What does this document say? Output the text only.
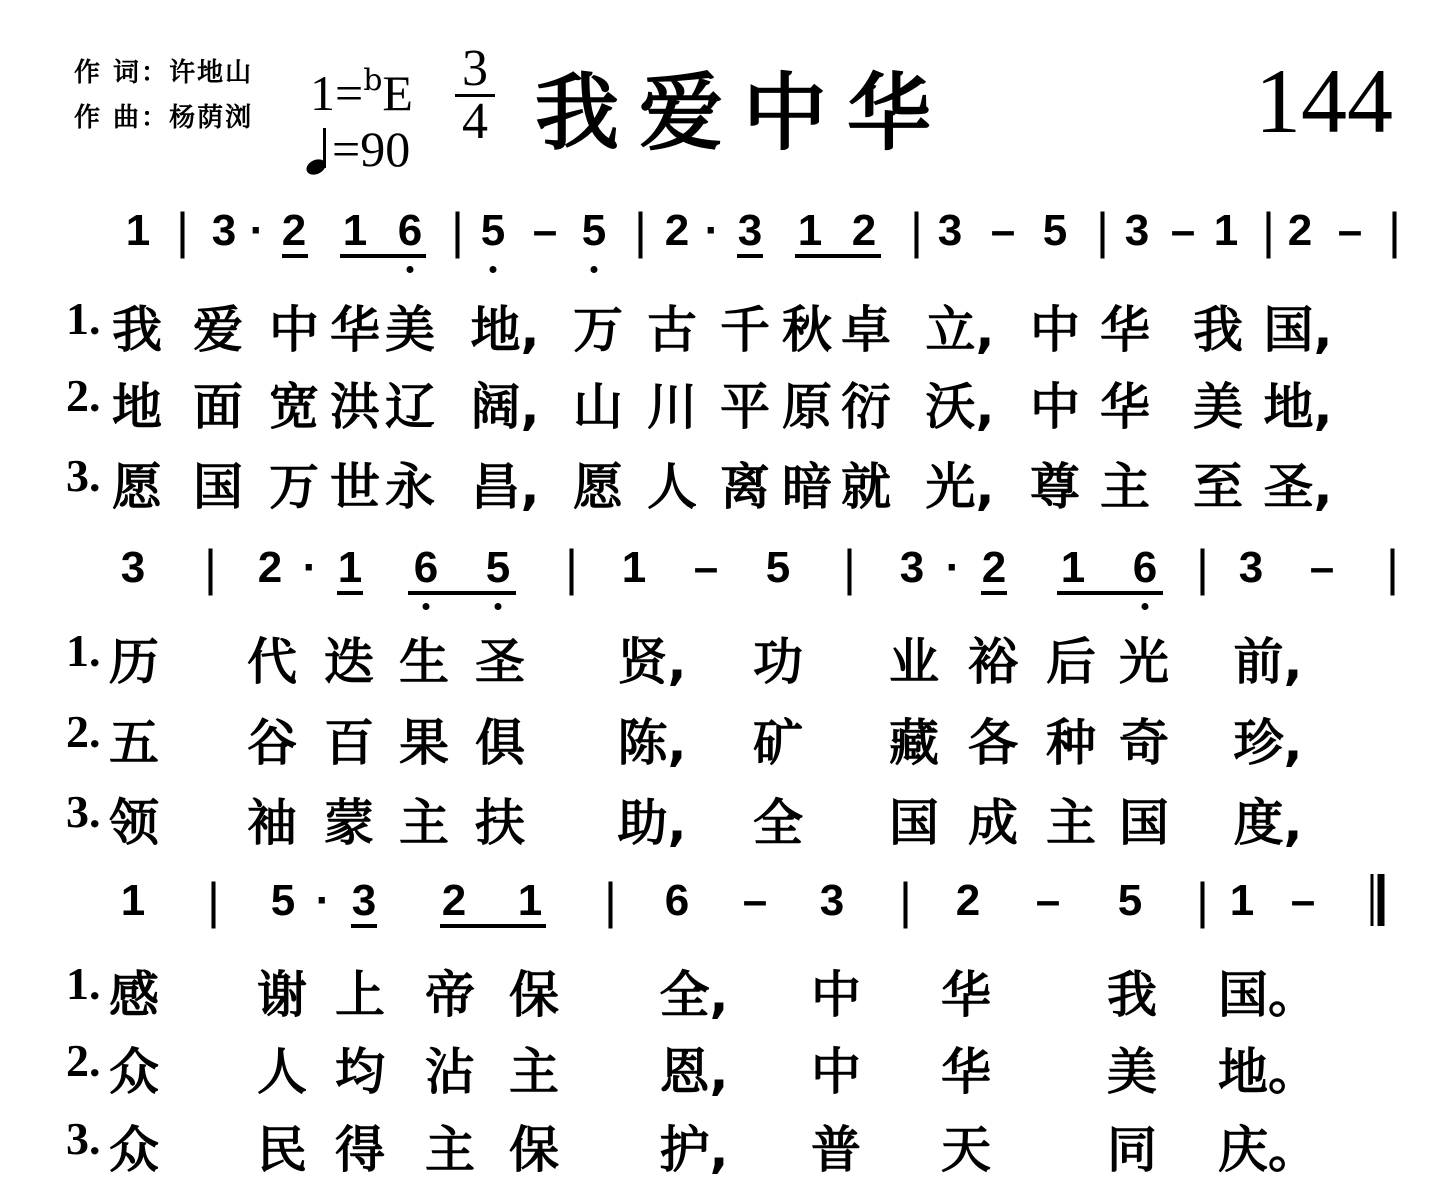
作 词：许地山
作 曲：杨荫浏 1=$^b$E 3
4
=90 我爱中华	144
1 | 3 · 2 1 6 | 5 – 5 | 2 · 3 1 2 | 3 – 5 | 3 – 1 | 2 – |
1. 我 爱 中 华 美 地, 万 古 千 秋 卓 立, 中 华 我 国,
2. 地 面 宽 洪 辽 阔, 山 川 平 原 衍 沃, 中 华 美 地,
3. 愿 国 万 世 永 昌, 愿 人 离 暗 就 光, 尊 主 至 圣,
3 | 2 · 1 6 5 | 1 – 5 | 3 · 2 1 6 | 3 – |
1. 历 代 迭 生 圣 贤, 功 业 裕 后 光 前,
2. 五 谷 百 果 俱 陈, 矿 藏 各 种 奇 珍,
3. 领 袖 蒙 主 扶 助, 全 国 成 主 国 度,
1 | 5 · 3 2 1 | 6 – 3 | 2 – 5 | 1 –
1. 感 谢 上 帝 保 全, 中 华 我 国。
2. 众 人 均 沾 主 恩, 中 华 美 地。
3. 众 民 得 主 保 护, 普 天 同 庆。
